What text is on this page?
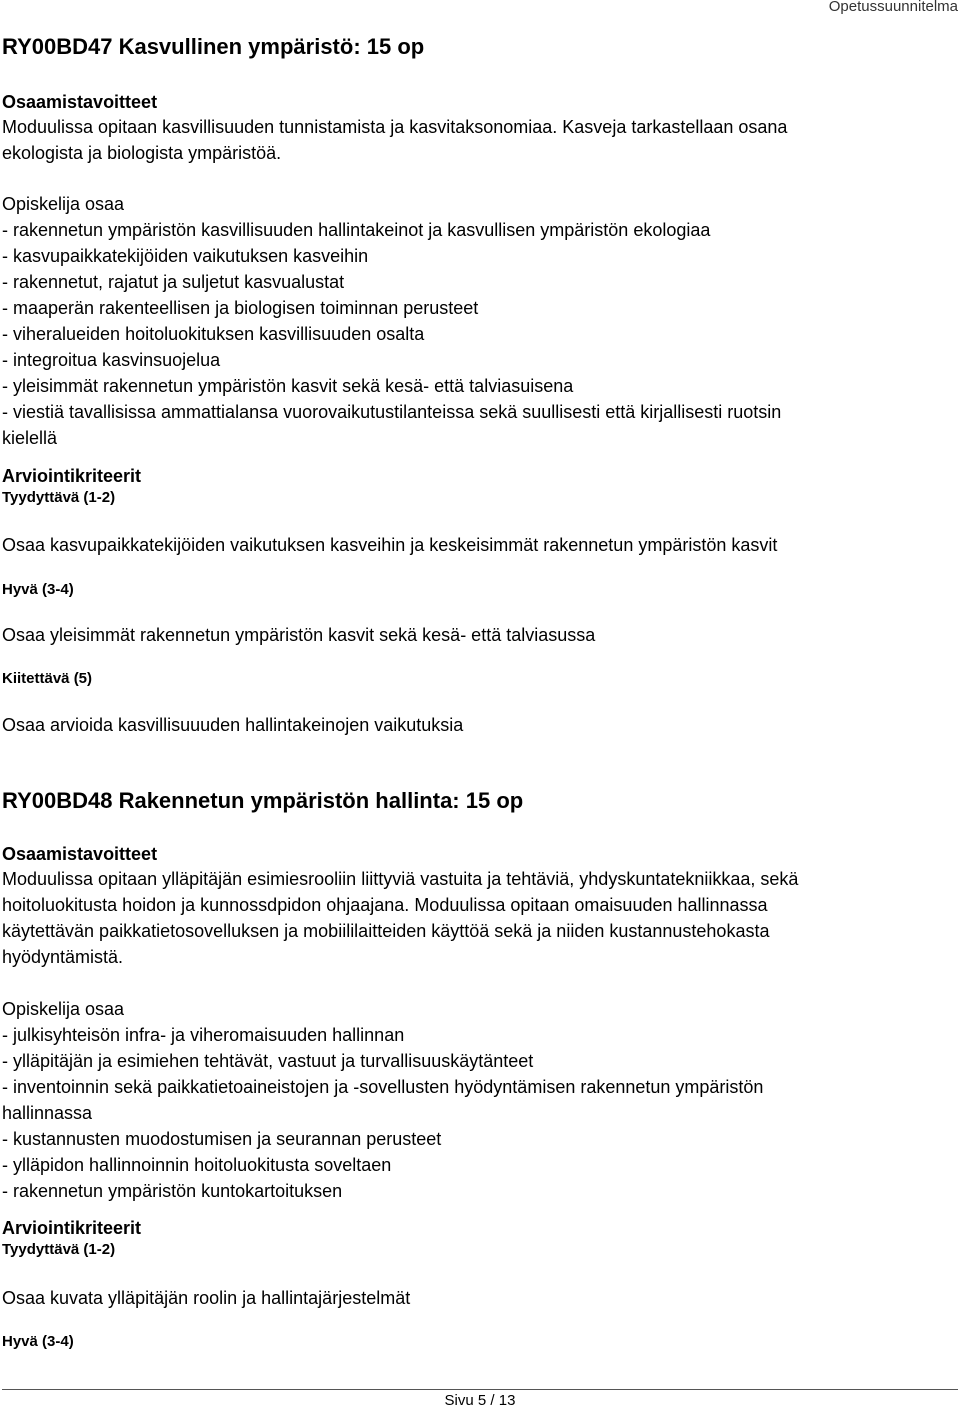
Opetussuunnitelma

RY00BD47 Kasvullinen ympäristö: 15 op

Osaamistavoitteet

Moduulissa opitaan kasvillisuuden tunnistamista ja kasvitaksonomiaa. Kasveja tarkastellaan osana

ekologista ja biologista ympäristöä.

Opiskelija osaa

- rakennetun ympäristön kasvillisuuden hallintakeinot ja kasvullisen ympäristön ekologiaa

- kasvupaikkatekijöiden vaikutuksen kasveihin

- rakennetut, rajatut ja suljetut kasvualustat

- maaperän rakenteellisen ja biologisen toiminnan perusteet

- viheralueiden hoitoluokituksen kasvillisuuden osalta

- integroitua kasvinsuojelua

- yleisimmät rakennetun ympäristön kasvit sekä kesä- että talviasuisena

- viestiä tavallisissa ammattialansa vuorovaikutustilanteissa sekä suullisesti että kirjallisesti ruotsin

kielellä

Arviointikriteerit

Tyydyttävä (1-2)

Osaa kasvupaikkatekijöiden vaikutuksen kasveihin ja keskeisimmät rakennetun ympäristön kasvit

Hyvä (3-4)

Osaa yleisimmät rakennetun ympäristön kasvit sekä kesä- että talviasussa

Kiitettävä (5)

Osaa arvioida kasvillisuuuden hallintakeinojen vaikutuksia

RY00BD48 Rakennetun ympäristön hallinta: 15 op

Osaamistavoitteet

Moduulissa opitaan ylläpitäjän esimiesrooliin liittyviä vastuita ja tehtäviä, yhdyskuntatekniikkaa, sekä

hoitoluokitusta hoidon ja kunnossdpidon ohjaajana. Moduulissa opitaan omaisuuden hallinnassa

käytettävän paikkatietosovelluksen ja mobiililaitteiden käyttöä sekä ja niiden kustannustehokasta

hyödyntämistä.

Opiskelija osaa

- julkisyhteisön infra- ja viheromaisuuden hallinnan

- ylläpitäjän ja esimiehen tehtävät, vastuut ja turvallisuuskäytänteet

- inventoinnin sekä paikkatietoaineistojen ja -sovellusten hyödyntämisen rakennetun ympäristön

hallinnassa

- kustannusten muodostumisen ja seurannan perusteet

- ylläpidon hallinnoinnin hoitoluokitusta soveltaen

- rakennetun ympäristön kuntokartoituksen

Arviointikriteerit

Tyydyttävä (1-2)

Osaa kuvata ylläpitäjän roolin ja hallintajärjestelmät

Hyvä (3-4)

Sivu 5 / 13
